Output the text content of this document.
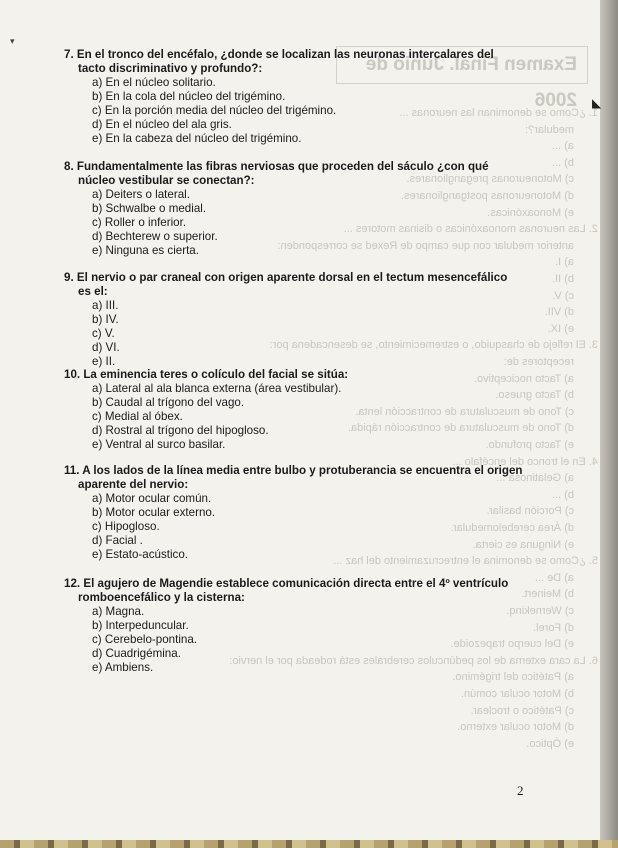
Examen Final. Junio de 2006
1. ¿Como se denominan las neuronas ...
medular?:
a) ...
b) ...
c) Motoneuronas preganglionares.
d) Motoneuronas postganglionares.
e) Monoaxónicas.
2. Las neuronas monoaxónicas o disinas motores ...
anterior medular con que campo de Rexed se corresponden:
a) I.
b) II.
c) V.
d) VII.
e) IX.
3. El reflejo de chasquido, o estremecimiento, se desencadena por:
receptores de:
a) Tacto nociceptivo.
b) Tacto grueso.
c) Tono de musculatura de contracción lenta.
d) Tono de musculatura de contracción rápida.
e) Tacto profundo.
4. En el tronco del encéfalo ...
a) Gelatinosa ...
b) ...
c) Porción basilar.
d) Área cerebelomedular.
e) Ninguna es cierta.
5. ¿Como se denomina el entrecruzamiento del haz ...
a) De ...
b) Meinert.
c) Wernekinq.
d) Forel.
e) Del cuerpo trapezoide.
6. La cara externa de los pedúnculos cerebrales está rodeada por el nervio:
a) Patético del trigémino.
b) Motor ocular común.
c) Patético o troclear.
d) Motor ocular externo.
e) Óptico.
▾
◣

7. En el tronco del encéfalo, ¿donde se localizan las neuronas intercalares del tacto discriminativo y profundo?:

a) En el núcleo solitario.
b) En la cola del núcleo del trigémino.
c) En la porción media del núcleo del trigémino.
d) En el núcleo del ala gris.
e) En la cabeza del núcleo del trigémino.

8. Fundamentalmente las fibras nerviosas que proceden del sáculo ¿con qué núcleo vestibular se conectan?:

a) Deiters o lateral.
b) Schwalbe o medial.
c) Roller o inferior.
d) Bechterew o superior.
e) Ninguna es cierta.

9. El nervio o par craneal con origen aparente dorsal en el tectum mesencefálico es el:

a) III.
b) IV.
c) V.
d) VI.
e) II.

10. La eminencia teres o colículo del facial se sitúa:

a) Lateral al ala blanca externa (área vestibular).
b) Caudal al trígono del vago.
c) Medial al óbex.
d) Rostral al trígono del hipogloso.
e) Ventral al surco basilar.

11. A los lados de la línea media entre bulbo y protuberancia se encuentra el origen aparente del nervio:

a) Motor ocular común.
b) Motor ocular externo.
c) Hipogloso.
d) Facial .
e) Estato-acústico.

12. El agujero de Magendie establece comunicación directa entre el 4º ventrículo romboencefálico y la cisterna:

a) Magna.
b) Interpeduncular.
c) Cerebelo-pontina.
d) Cuadrigémina.
e) Ambiens.
2
